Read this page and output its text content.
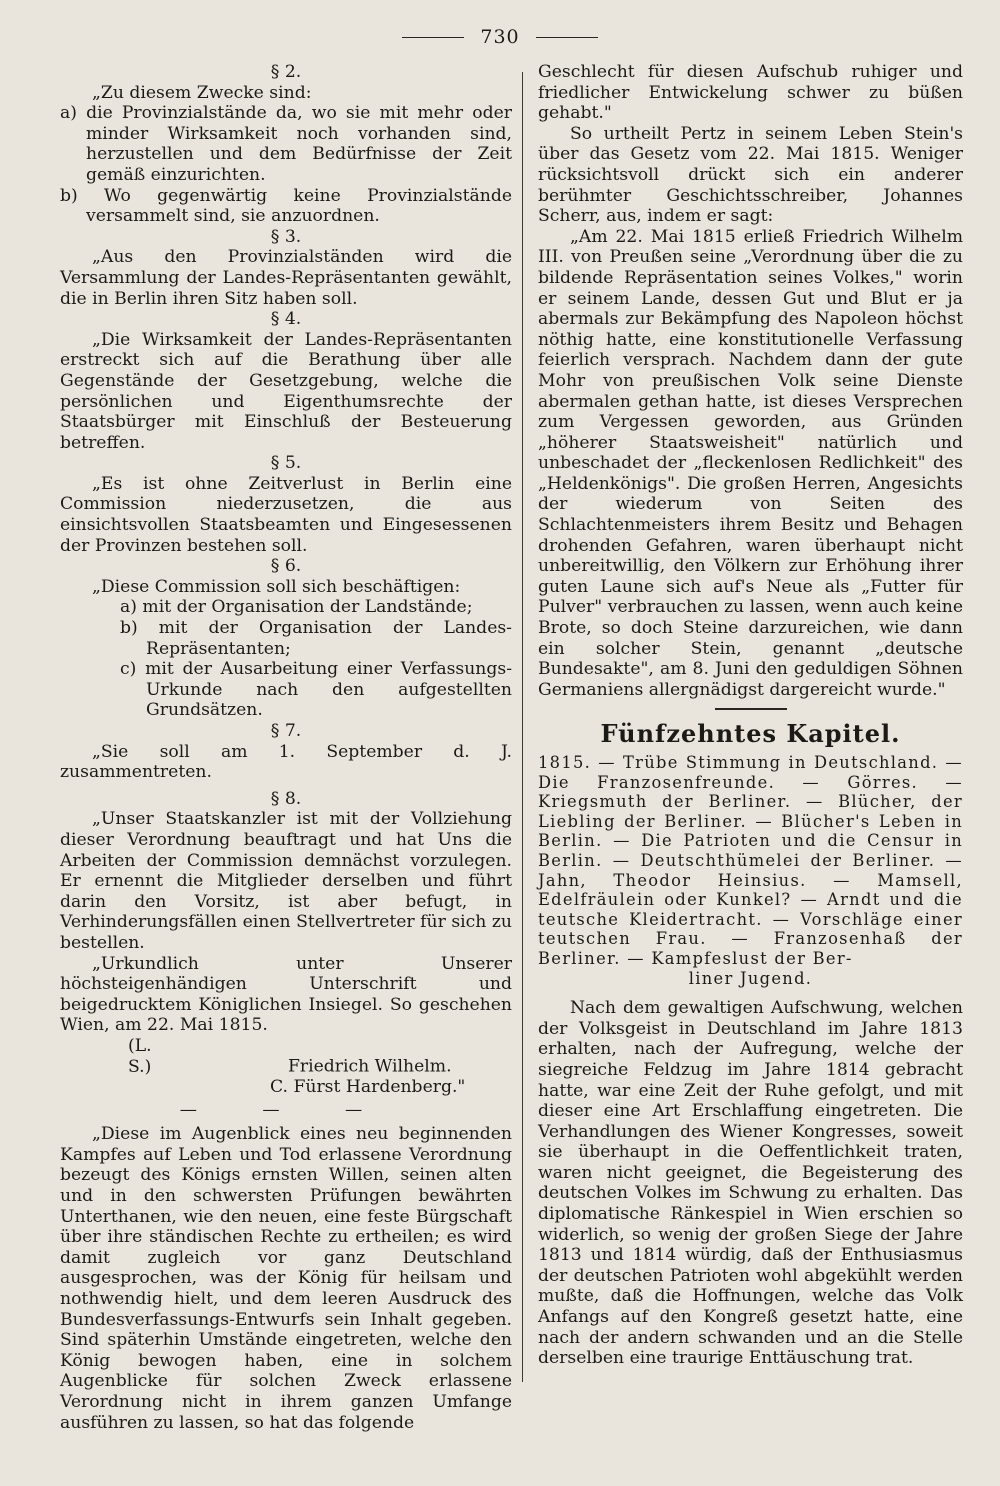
730

§ 2.

„Zu diesem Zwecke sind:

a) die Provinzialstände da, wo sie mit mehr oder minder Wirksamkeit noch vorhanden sind, herzustellen und dem Bedürfnisse der Zeit gemäß einzurichten.

b) Wo gegenwärtig keine Provinzialstände versammelt sind, sie anzuordnen.

§ 3.

„Aus den Provinzialständen wird die Versammlung der Landes-Repräsentanten gewählt, die in Berlin ihren Sitz haben soll.

§ 4.

„Die Wirksamkeit der Landes-Repräsentanten erstreckt sich auf die Berathung über alle Gegenstände der Gesetzgebung, welche die persönlichen und Eigenthumsrechte der Staatsbürger mit Einschluß der Besteuerung betreffen.

§ 5.

„Es ist ohne Zeitverlust in Berlin eine Commission niederzusetzen, die aus einsichtsvollen Staatsbeamten und Eingesessenen der Provinzen bestehen soll.

§ 6.

„Diese Commission soll sich beschäftigen:

a) mit der Organisation der Landstände;

b) mit der Organisation der Landes-Repräsentanten;

c) mit der Ausarbeitung einer Verfassungs-Urkunde nach den aufgestellten Grundsätzen.

§ 7.

„Sie soll am 1. September d. J. zusammentreten.

§ 8.

„Unser Staatskanzler ist mit der Vollziehung dieser Verordnung beauftragt und hat Uns die Arbeiten der Commission demnächst vorzulegen. Er ernennt die Mitglieder derselben und führt darin den Vorsitz, ist aber befugt, in Verhinderungsfällen einen Stellvertreter für sich zu bestellen.

„Urkundlich unter Unserer höchsteigenhändigen Unterschrift und beigedrucktem Königlichen Insiegel. So geschehen Wien, am 22. Mai 1815.

(L. S.)	Friedrich Wilhelm.

C. Fürst Hardenberg."

— — —

„Diese im Augenblick eines neu beginnenden Kampfes auf Leben und Tod erlassene Verordnung bezeugt des Königs ernsten Willen, seinen alten und in den schwersten Prüfungen bewährten Unterthanen, wie den neuen, eine feste Bürgschaft über ihre ständischen Rechte zu ertheilen; es wird damit zugleich vor ganz Deutschland ausgesprochen, was der König für heilsam und nothwendig hielt, und dem leeren Ausdruck des Bundesverfassungs-Entwurfs sein Inhalt gegeben. Sind späterhin Umstände eingetreten, welche den König bewogen haben, eine in solchem Augenblicke für solchen Zweck erlassene Verordnung nicht in ihrem ganzen Umfange ausführen zu lassen, so hat das folgende

Geschlecht für diesen Aufschub ruhiger und friedlicher Entwickelung schwer zu büßen gehabt."

So urtheilt Pertz in seinem Leben Stein's über das Gesetz vom 22. Mai 1815. Weniger rücksichtsvoll drückt sich ein anderer berühmter Geschichtsschreiber, Johannes Scherr, aus, indem er sagt:

„Am 22. Mai 1815 erließ Friedrich Wilhelm III. von Preußen seine „Verordnung über die zu bildende Repräsentation seines Volkes," worin er seinem Lande, dessen Gut und Blut er ja abermals zur Bekämpfung des Napoleon höchst nöthig hatte, eine konstitutionelle Verfassung feierlich versprach. Nachdem dann der gute Mohr von preußischen Volk seine Dienste abermalen gethan hatte, ist dieses Versprechen zum Vergessen geworden, aus Gründen „höherer Staatsweisheit" natürlich und unbeschadet der „fleckenlosen Redlichkeit" des „Heldenkönigs". Die großen Herren, Angesichts der wiederum von Seiten des Schlachtenmeisters ihrem Besitz und Behagen drohenden Gefahren, waren überhaupt nicht unbereitwillig, den Völkern zur Erhöhung ihrer guten Laune sich auf's Neue als „Futter für Pulver" verbrauchen zu lassen, wenn auch keine Brote, so doch Steine darzureichen, wie dann ein solcher Stein, genannt „deutsche Bundesakte", am 8. Juni den geduldigen Söhnen Germaniens allergnädigst dargereicht wurde."

Fünfzehntes Kapitel.

1815. — Trübe Stimmung in Deutschland. — Die Franzosenfreunde. — Görres. — Kriegsmuth der Berliner. — Blücher, der Liebling der Berliner. — Blücher's Leben in Berlin. — Die Patrioten und die Censur in Berlin. — Deutschthümelei der Berliner. — Jahn, Theodor Heinsius. — Mamsell, Edelfräulein oder Kunkel? — Arndt und die teutsche Kleidertracht. — Vorschläge einer teutschen Frau. — Franzosenhaß der Berliner. — Kampfeslust der Ber-
liner Jugend.

Nach dem gewaltigen Aufschwung, welchen der Volksgeist in Deutschland im Jahre 1813 erhalten, nach der Aufregung, welche der siegreiche Feldzug im Jahre 1814 gebracht hatte, war eine Zeit der Ruhe gefolgt, und mit dieser eine Art Erschlaffung eingetreten. Die Verhandlungen des Wiener Kongresses, soweit sie überhaupt in die Oeffentlichkeit traten, waren nicht geeignet, die Begeisterung des deutschen Volkes im Schwung zu erhalten. Das diplomatische Ränkespiel in Wien erschien so widerlich, so wenig der großen Siege der Jahre 1813 und 1814 würdig, daß der Enthusiasmus der deutschen Patrioten wohl abgekühlt werden mußte, daß die Hoffnungen, welche das Volk Anfangs auf den Kongreß gesetzt hatte, eine nach der andern schwanden und an die Stelle derselben eine traurige Enttäuschung trat.
